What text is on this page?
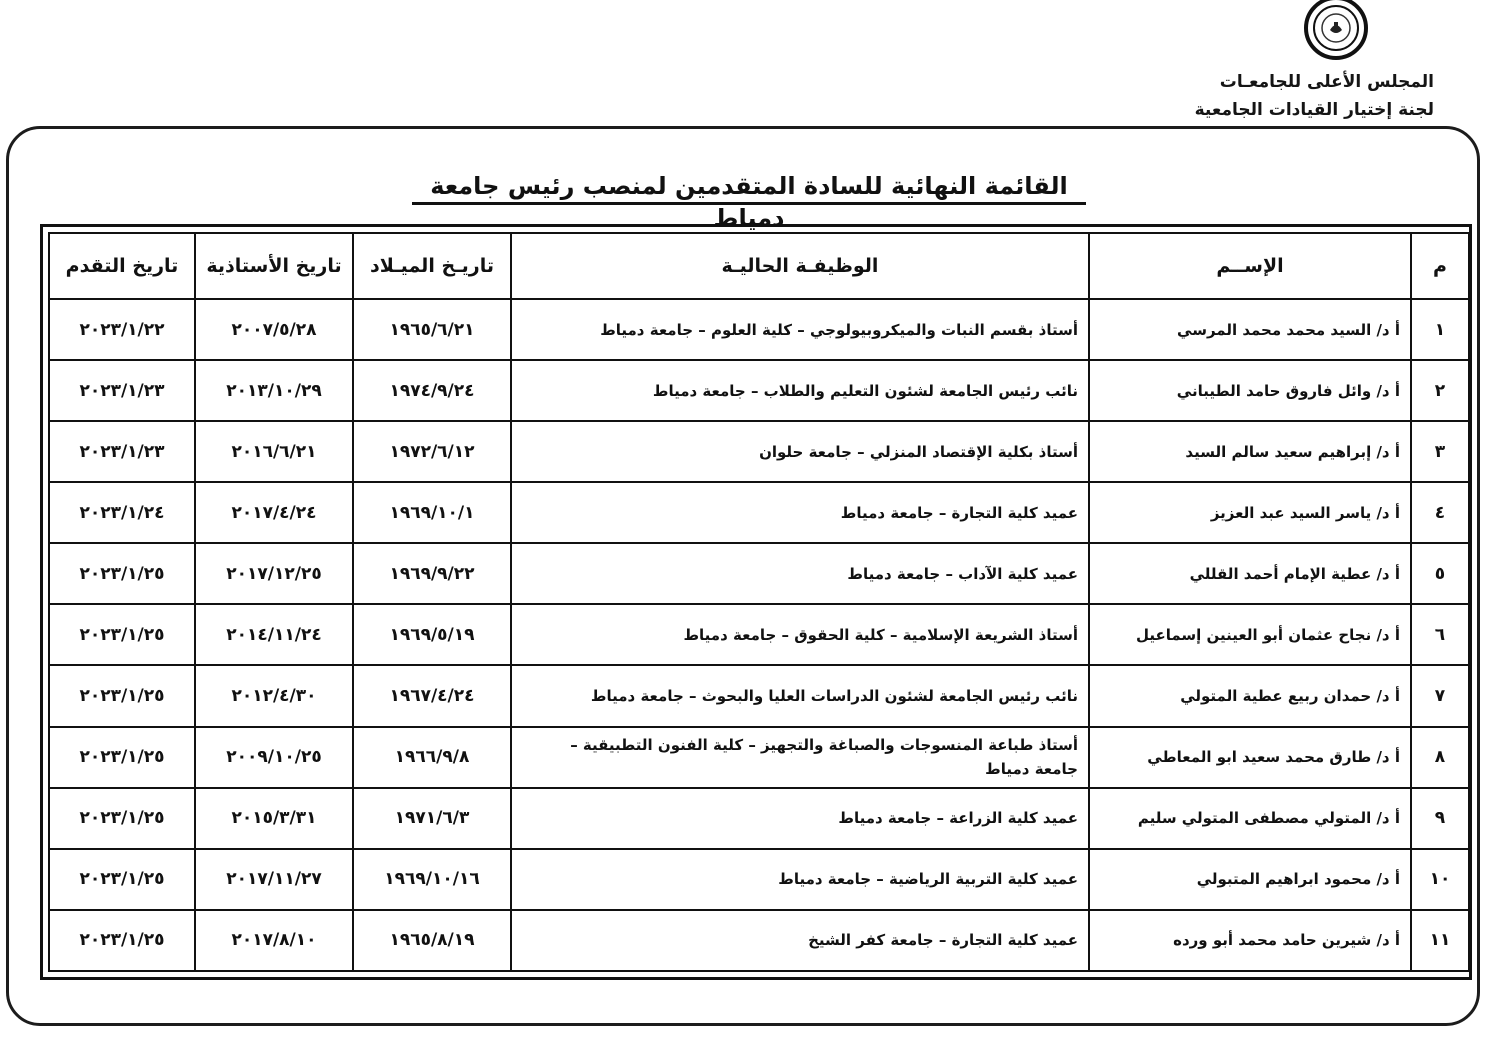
المجلس الأعلى للجامعـات
لجنة إختيار القيادات الجامعية
القائمة النهائية للسادة المتقدمين لمنصب رئيس جامعة دمياط
م	الإســم	الوظيفـة الحاليـة	تاريـخ الميـلاد	تاريخ الأستاذية	تاريخ التقدم
١	أ د/ السيد محمد محمد المرسي	أستاذ بقسم النبات والميكروبيولوجي – كلية العلوم – جامعة دمياط	١٩٦٥/٦/٢١	٢٠٠٧/٥/٢٨	٢٠٢٣/١/٢٢
٢	أ د/ وائل فاروق حامد الطيباني	نائب رئيس الجامعة لشئون التعليم والطلاب – جامعة دمياط	١٩٧٤/٩/٢٤	٢٠١٣/١٠/٢٩	٢٠٢٣/١/٢٣
٣	أ د/ إبراهيم سعيد سالم السيد	أستاذ بكلية الإقتصاد المنزلي – جامعة حلوان	١٩٧٢/٦/١٢	٢٠١٦/٦/٢١	٢٠٢٣/١/٢٣
٤	أ د/ ياسر السيد عبد العزيز	عميد كلية التجارة – جامعة دمياط	١٩٦٩/١٠/١	٢٠١٧/٤/٢٤	٢٠٢٣/١/٢٤
٥	أ د/ عطية الإمام أحمد القللي	عميد كلية الآداب – جامعة دمياط	١٩٦٩/٩/٢٢	٢٠١٧/١٢/٢٥	٢٠٢٣/١/٢٥
٦	أ د/ نجاح عثمان أبو العينين إسماعيل	أستاذ الشريعة الإسلامية – كلية الحقوق – جامعة دمياط	١٩٦٩/٥/١٩	٢٠١٤/١١/٢٤	٢٠٢٣/١/٢٥
٧	أ د/ حمدان ربيع عطية المتولي	نائب رئيس الجامعة لشئون الدراسات العليا والبحوث – جامعة دمياط	١٩٦٧/٤/٢٤	٢٠١٢/٤/٣٠	٢٠٢٣/١/٢٥
٨	أ د/ طارق محمد سعيد ابو المعاطي	أستاذ طباعة المنسوجات والصباغة والتجهيز – كلية الفنون التطبيقية – جامعة دمياط	١٩٦٦/٩/٨	٢٠٠٩/١٠/٢٥	٢٠٢٣/١/٢٥
٩	أ د/ المتولي مصطفى المتولي سليم	عميد كلية الزراعة – جامعة دمياط	١٩٧١/٦/٣	٢٠١٥/٣/٣١	٢٠٢٣/١/٢٥
١٠	أ د/ محمود ابراهيم المتبولي	عميد كلية التربية الرياضية – جامعة دمياط	١٩٦٩/١٠/١٦	٢٠١٧/١١/٢٧	٢٠٢٣/١/٢٥
١١	أ د/ شيرين حامد محمد أبو ورده	عميد كلية التجارة – جامعة كفر الشيخ	١٩٦٥/٨/١٩	٢٠١٧/٨/١٠	٢٠٢٣/١/٢٥
